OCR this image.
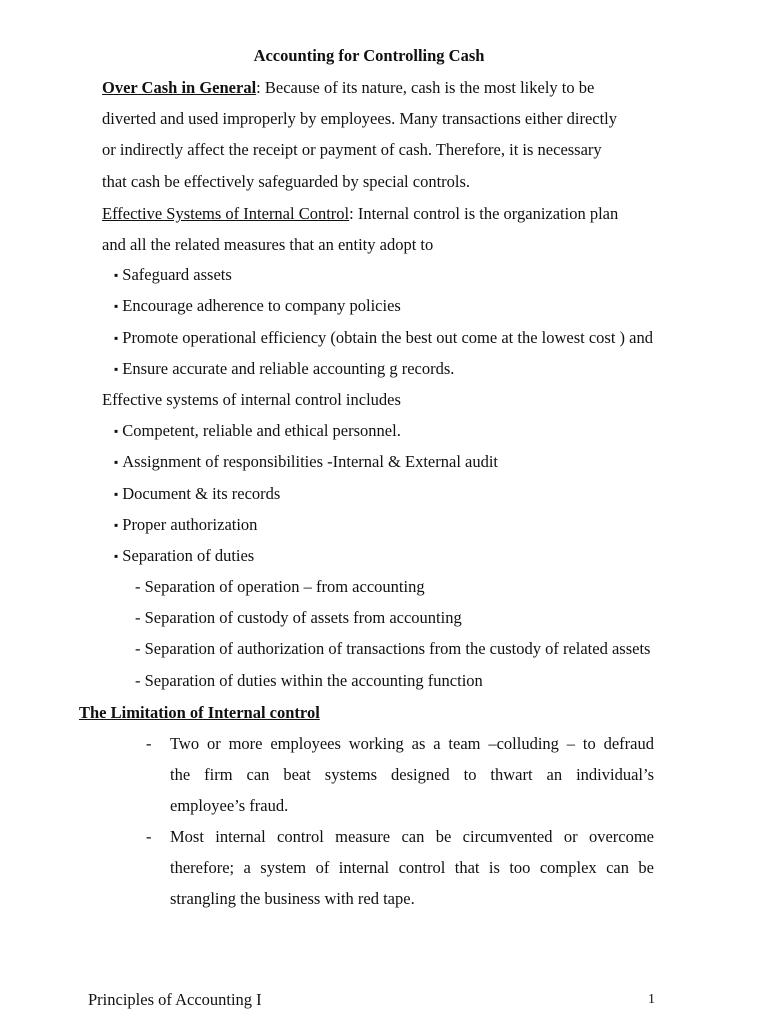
Accounting for Controlling Cash
Over Cash in General: Because of its nature, cash is the most likely to be
diverted and used improperly by employees. Many transactions either directly
or indirectly affect the receipt or payment of cash. Therefore, it is necessary
that cash be effectively safeguarded by special controls.
Effective Systems of Internal Control: Internal control is the organization plan
and all the related measures that an entity adopt to
▪ Safeguard assets
▪ Encourage adherence to company policies
▪ Promote operational efficiency (obtain the best out come at the lowest cost ) and
▪ Ensure accurate and reliable accounting g records.
Effective systems of internal control includes
▪ Competent, reliable and ethical personnel.
▪ Assignment of responsibilities -Internal & External audit
▪ Document & its records
▪ Proper authorization
▪ Separation of duties
- Separation of operation – from accounting
- Separation of custody of assets from accounting
- Separation of authorization of transactions from the custody of related assets
- Separation of duties within the accounting function
The Limitation of Internal control
- Two or more employees working as a team –colluding – to defraud
the firm can beat systems designed to thwart an individual’s
employee’s fraud.
- Most internal control measure can be circumvented or overcome
therefore; a system of internal control that is too complex can be
strangling the business with red tape.
Principles of Accounting I	1
